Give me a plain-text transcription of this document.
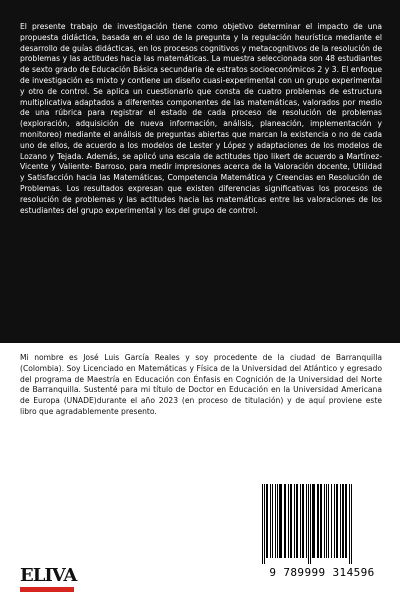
El presente trabajo de investigación tiene como objetivo determinar el impacto de una propuesta didáctica, basada en el uso de la pregunta y la regulación heurística mediante el desarrollo de guías didácticas, en los procesos cognitivos y metacognitivos de la resolución de problemas y las actitudes hacia las matemáticas. La muestra seleccionada son 48 estudiantes de sexto grado de Educación Básica secundaria de estratos socioeconómicos 2 y 3. El enfoque de investigación es mixto y contiene un diseño cuasi-experimental con un grupo experimental y otro de control. Se aplica un cuestionario que consta de cuatro problemas de estructura multiplicativa adaptados a diferentes componentes de las matemáticas, valorados por medio de una rúbrica para registrar el estado de cada proceso de resolución de problemas (exploración, adquisición de nueva información, análisis, planeación, implementación y monitoreo) mediante el análisis de preguntas abiertas que marcan la existencia o no de cada uno de ellos, de acuerdo a los modelos de Lester y López y adaptaciones de los modelos de Lozano y Tejada. Además, se aplicó una escala de actitudes tipo likert de acuerdo a Martínez-Vicente y Valiente- Barroso, para medir impresiones acerca de la Valoración docente, Utilidad y Satisfacción hacia las Matemáticas, Competencia Matemática y Creencias en Resolución de Problemas. Los resultados expresan que existen diferencias significativas los procesos de resolución de problemas y las actitudes hacia las matemáticas entre las valoraciones de los estudiantes del grupo experimental y los del grupo de control.

Mi nombre es José Luis García Reales y soy procedente de la ciudad de Barranquilla (Colombia). Soy Licenciado en Matemáticas y Física de la Universidad del Atlántico y egresado del programa de Maestría en Educación con Énfasis en Cognición de la Universidad del Norte de Barranquilla. Sustenté para mi título de Doctor en Educación en la Universidad Americana de Europa (UNADE)durante el año 2023 (en proceso de titulación) y de aquí proviene este libro que agradablemente presento.

ELIVA	9 789999 314596
